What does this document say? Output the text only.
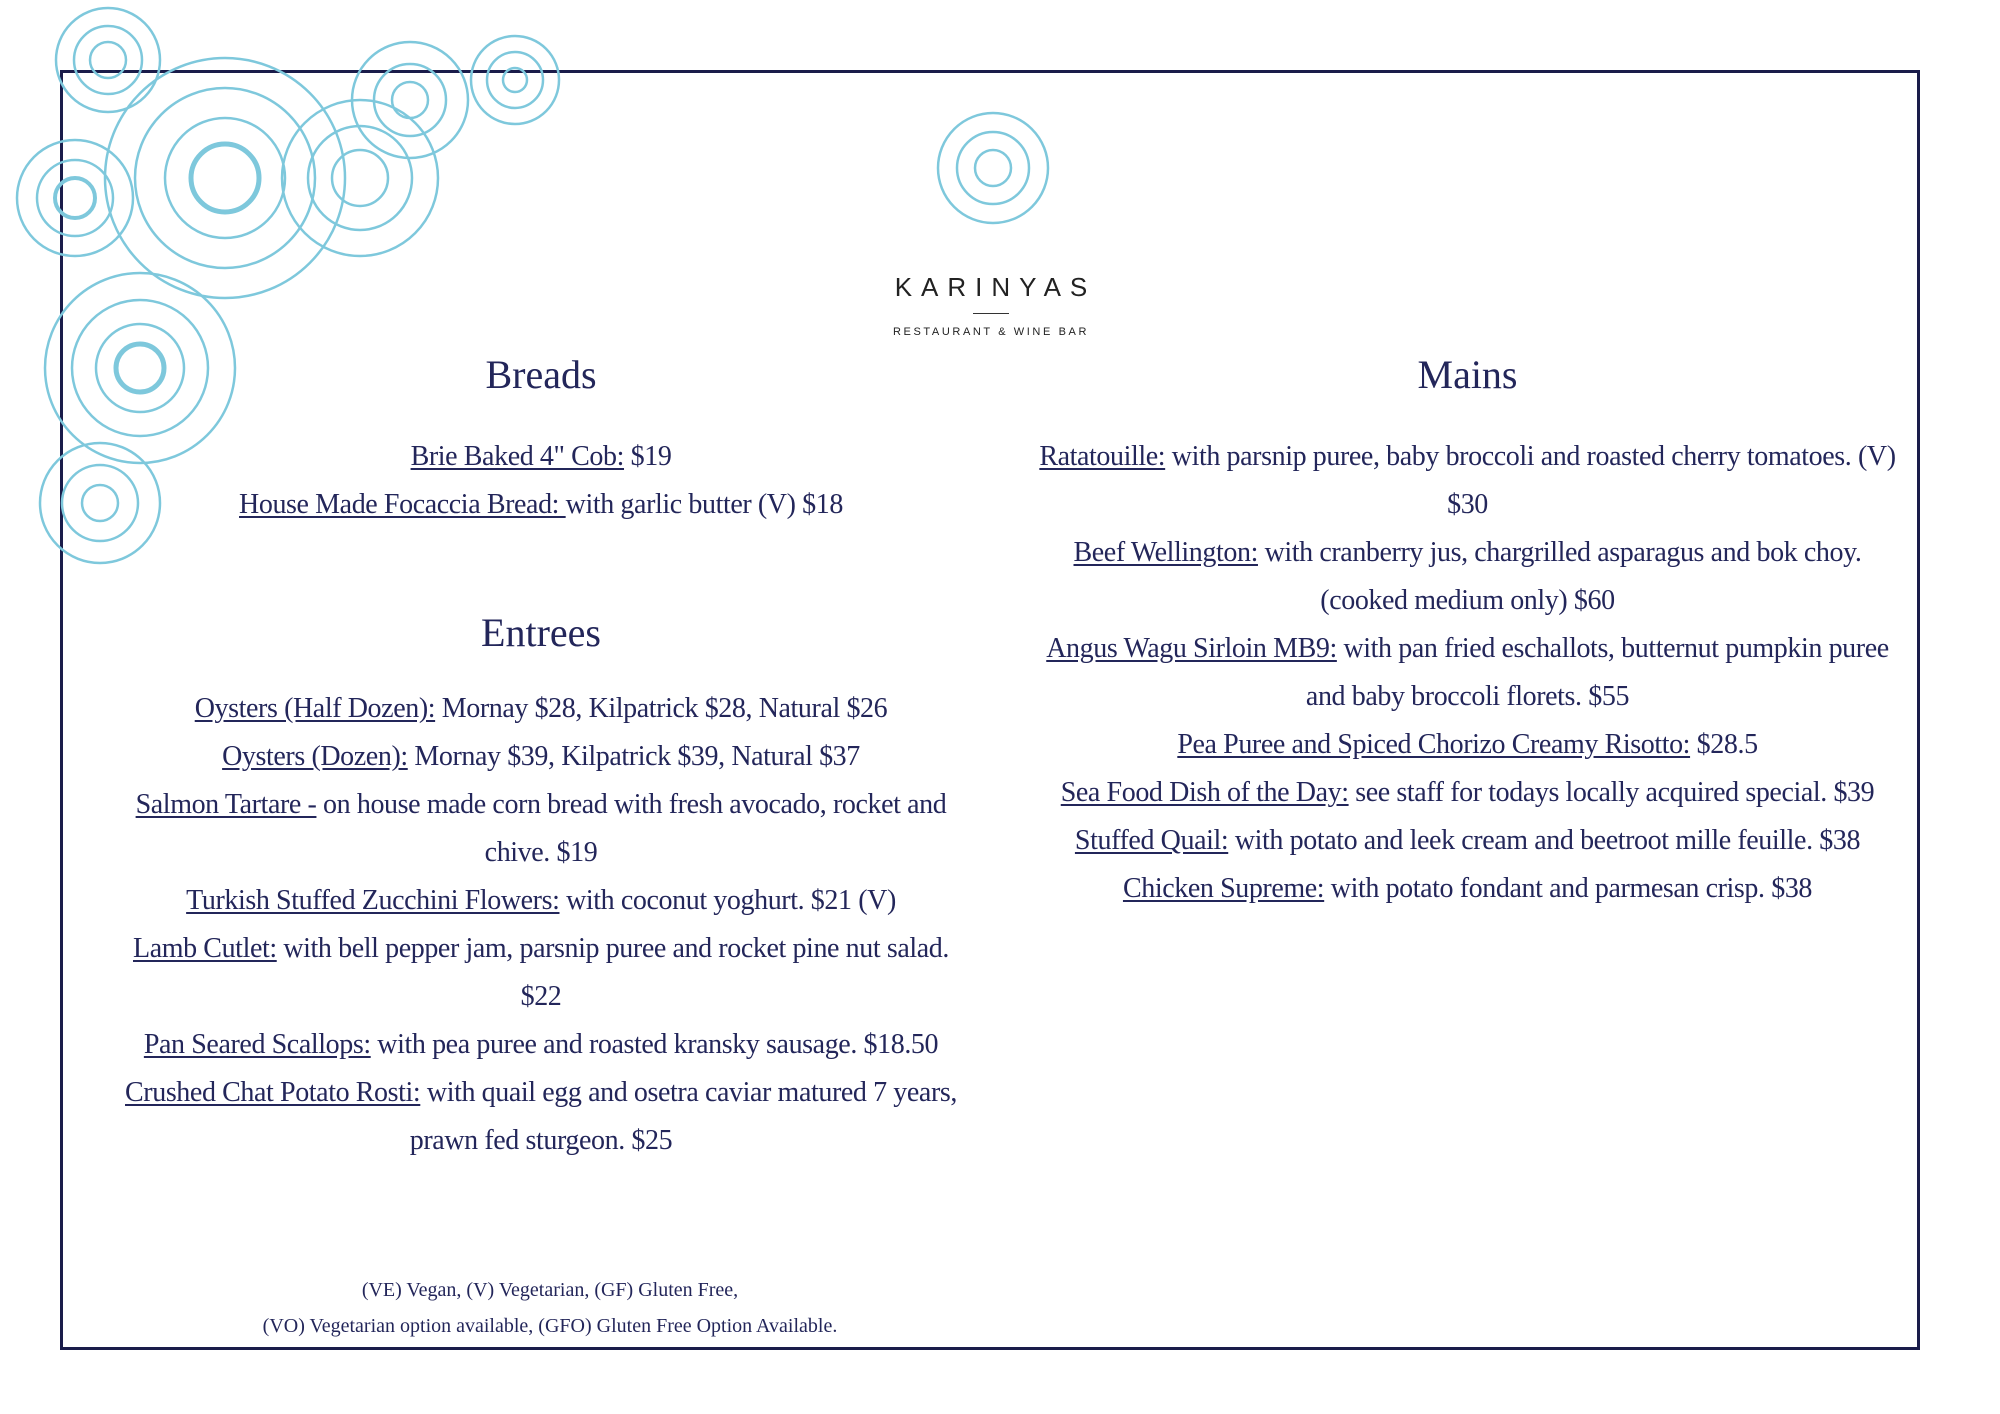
KARINYAS
RESTAURANT & WINE BAR
Breads
Brie Baked 4" Cob: $19
House Made Focaccia Bread: with garlic butter (V) $18
Entrees
Oysters (Half Dozen): Mornay $28, Kilpatrick $28, Natural $26
Oysters (Dozen): Mornay $39, Kilpatrick $39, Natural $37
Salmon Tartare - on house made corn bread with fresh avocado, rocket and chive. $19
Turkish Stuffed Zucchini Flowers: with coconut yoghurt. $21 (V)
Lamb Cutlet: with bell pepper jam, parsnip puree and rocket pine nut salad. $22
Pan Seared Scallops: with pea puree and roasted kransky sausage. $18.50
Crushed Chat Potato Rosti: with quail egg and osetra caviar matured 7 years, prawn fed sturgeon. $25
Mains
Ratatouille: with parsnip puree, baby broccoli and roasted cherry tomatoes. (V) $30
Beef Wellington: with cranberry jus, chargrilled asparagus and bok choy. (cooked medium only) $60
Angus Wagu Sirloin MB9: with pan fried eschallots, butternut pumpkin puree and baby broccoli florets. $55
Pea Puree and Spiced Chorizo Creamy Risotto: $28.5
Sea Food Dish of the Day: see staff for todays locally acquired special. $39
Stuffed Quail: with potato and leek cream and beetroot mille feuille. $38
Chicken Supreme: with potato fondant and parmesan crisp. $38
(VE) Vegan, (V) Vegetarian, (GF) Gluten Free,
(VO) Vegetarian option available, (GFO) Gluten Free Option Available.
